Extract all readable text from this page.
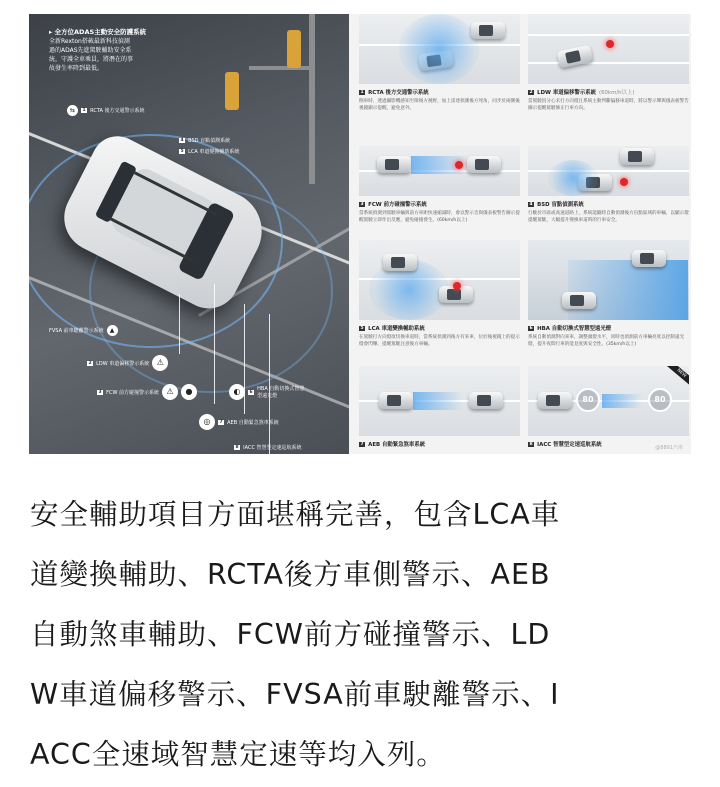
▸ 全方位ADAS主動安全防護系統
全新Rexton搭載最新科技偵測
過的ADAS先進駕駛輔助安全系
統，守護全車乘員，將潛在的事
故發生率降到最低。
⇆	1 RCTA 後方交通警示系統
4 BSD 盲點偵測系統
5 LCA 車道變換輔助系統
FVSA 前車駛離警示系統	▲
2 LDW 車道偏移警示系統 ⚠
3 FCW 前方碰撞警示系統 ⚠	●	◐	6 HBA 自動切換式智慧型遠光燈
◎	7 AEB 自動緊急煞車系統
8 IACC 智慧型定速巡航系統
1 RCTA 後方交通警示系統
倒車時，透過攝影機感知至障後方視野，加上雷達偵測後方死角，同步於兩側後視鏡顯示提醒，避免意外。
2 LDW 車道偏移警示系統 (60km/h以上)
當駕駛因分心未打方向燈且系統主動判斷偏移車道時，將以警示聲與儀表板警告圖示提醒駕駛修正行車方向。
3 FCW 前方碰撞警示系統
當系統偵測到駕駛車輛與前方車距快速縮減時，會以警示音與儀表板警告圖示提醒駕駛立即作出反應，避免碰撞發生。(60km/h以上)
4 BSD 盲點偵測系統
行駛於市區或高速道路上，系統能隨時自動偵測後方盲點區域的車輛，以顯示燈提醒駕駛，大幅提升變換車道時的行車安全。
5 LCA 車道變換輔助系統
在駕駛打方向燈欲切換車道時，當系統偵測到後方有來車，位於後視鏡上的提示燈會閃爍，提醒駕駛注意後方車輛。
6 HBA 自動切換式智慧型遠光燈
系統自動偵測對向來車，調整頭燈水平，同時也偵測前方車輛亮度以控制遠光燈，提升夜間行車的能見度與安全性。(35km/h以上)
7 AEB 自動緊急煞車系統
80	80
NEW
8 IACC 智慧型定速巡航系統	@8891汽車
安全輔助項目方面堪稱完善，包含LCA車
道變換輔助、RCTA後方車側警示、AEB
自動煞車輔助、FCW前方碰撞警示、LD
W車道偏移警示、FVSA前車駛離警示、I
ACC全速域智慧定速等均入列。
